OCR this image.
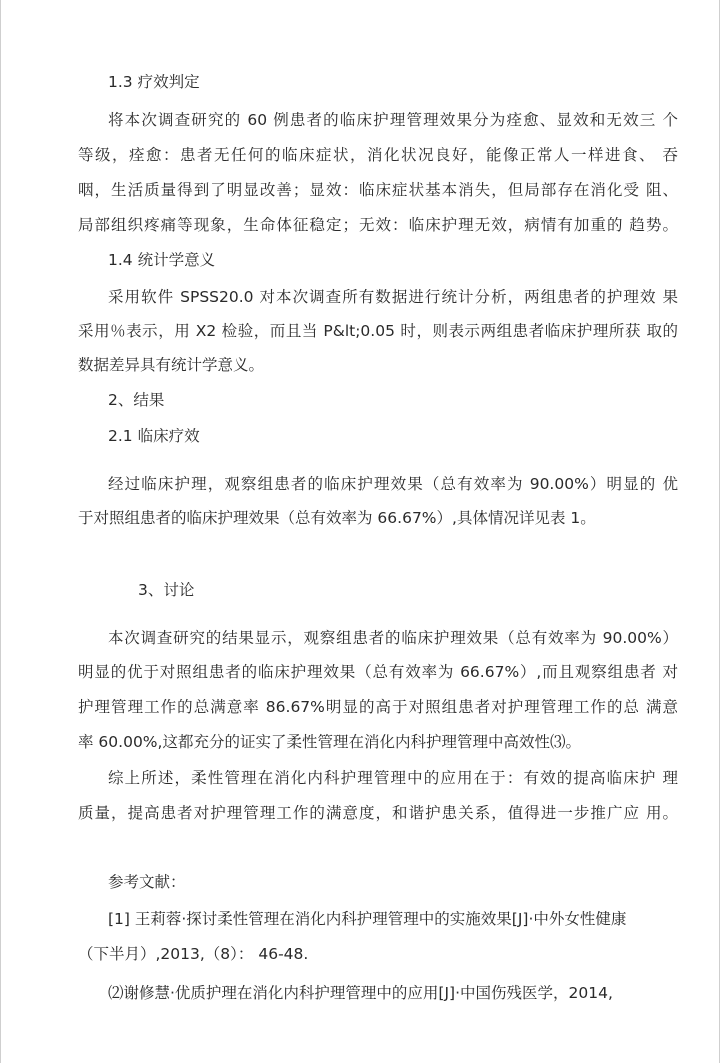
1.3 疗效判定
将本次调查研究的 60 例患者的临床护理管理效果分为痊愈、显效和无效三 个
等级，痊愈：患者无任何的临床症状，消化状况良好，能像正常人一样进食、 吞
咽，生活质量得到了明显改善；显效：临床症状基本消失，但局部存在消化受 阻、
局部组织疼痛等现象，生命体征稳定；无效：临床护理无效，病情有加重的 趋势。
1.4 统计学意义
采用软件 SPSS20.0 对本次调查所有数据进行统计分析，两组患者的护理效 果
采用％表示，用 X2 检验，而且当 P&lt;0.05 时，则表示两组患者临床护理所获 取的
数据差异具有统计学意义。
2、结果
2.1 临床疗效
经过临床护理，观察组患者的临床护理效果（总有效率为 90.00%）明显的 优
于对照组患者的临床护理效果（总有效率为 66.67%）,具体情况详见表 1。
3、讨论
本次调查研究的结果显示，观察组患者的临床护理效果（总有效率为 90.00%）
明显的优于对照组患者的临床护理效果（总有效率为 66.67%）,而且观察组患者 对
护理管理工作的总满意率 86.67%明显的高于对照组患者对护理管理工作的总 满意
率 60.00%,这都充分的证实了柔性管理在消化内科护理管理中高效性⑶。
综上所述，柔性管理在消化内科护理管理中的应用在于：有效的提高临床护 理
质量，提高患者对护理管理工作的满意度，和谐护患关系，值得进一步推广应 用。
参考文献：
[1] 王莉蓉·探讨柔性管理在消化内科护理管理中的实施效果[J]·中外女性健康
（下半月）,2013,（8）： 46-48.
⑵谢修慧·优质护理在消化内科护理管理中的应用[J]·中国伤残医学，2014,
